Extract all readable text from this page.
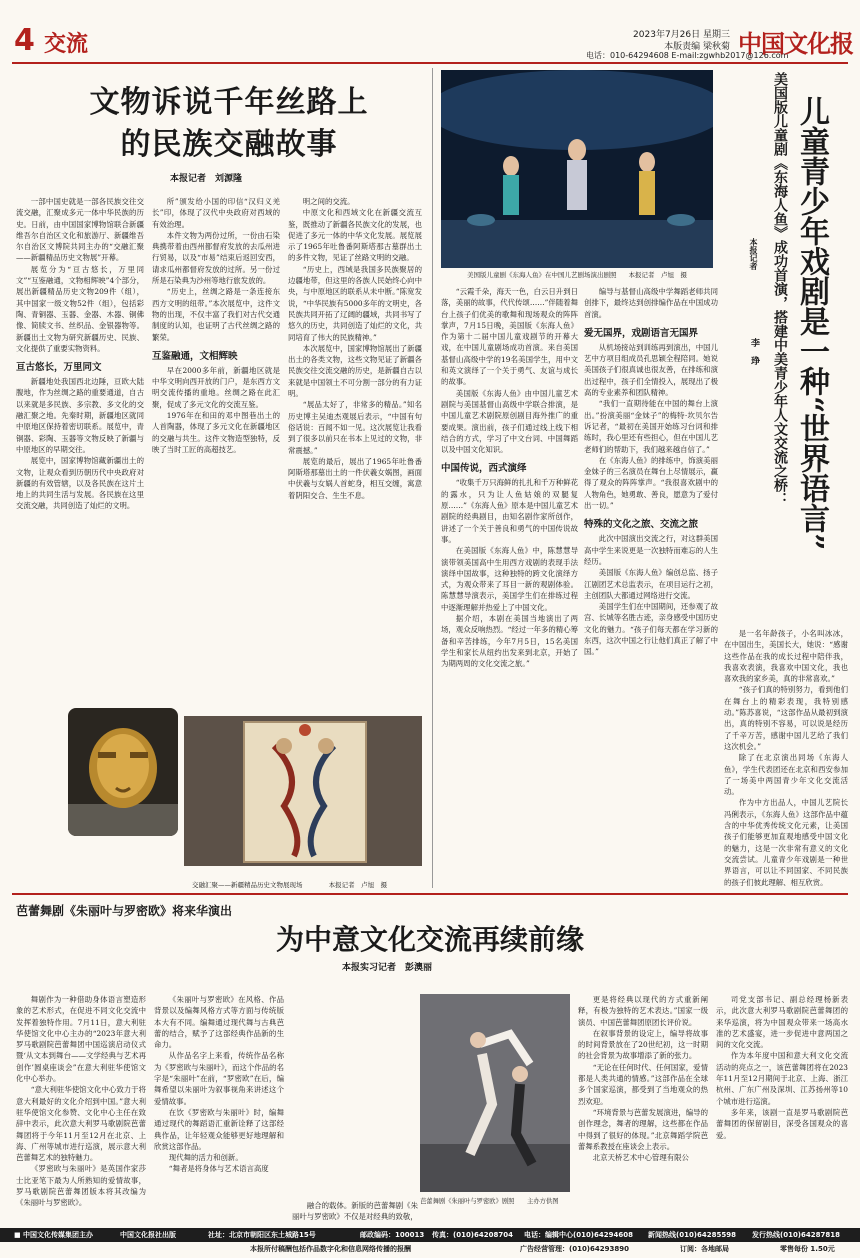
4 交流	2023年7月26日 星期三
本版责编 梁秋菊
电话：010-64294608 E-mail:zgwhb2017@126.com
中国文化报
文物诉说千年丝路上
的民族交融故事
本报记者　刘源隆

一部中国史就是一部各民族交往交流交融，汇聚成多元一体中华民族的历史。日前，由中国国家博物馆联合新疆维吾尔自治区文化和旅游厅、新疆维吾尔自治区文博院共同主办的“交融汇聚——新疆精品历史文物展”开幕。

展览分为“亘古悠长，万里同文”“互鉴融通，文物相辉映”4个部分，展出新疆精品历史文物209件（组），其中国家一级文物52件（组），包括彩陶、青铜器、玉器、金器、木器、铜佛像、简牍文书、丝织品、金银器物等。新疆出土文物为研究新疆历史、民族、文化提供了重要实物资料。

亘古悠长，万里同文

新疆地处我国西北边陲，亘欧大陆腹地，作为丝绸之路的重要通道，自古以来就是多民族、多宗教、多文化的交融汇聚之地。先秦时期，新疆地区就同中原地区保持着密切联系。展览中，青铜器、彩陶、玉器等文物反映了新疆与中原地区的早期交往。

展览中，国家博物馆藏新疆出土的文物，让观众看到历朝历代中央政府对新疆的有效管辖，以及各民族在这片土地上的共同生活与发展。各民族在这里交流交融，共同创造了灿烂的文明。

所”颁发给小国的印信“汉归义羌长”印，体现了汉代中央政府对西域的有效治理。

本件文物为两份过所，一份由石染典携带着由西州都督府发放的去瓜州进行贸易，以及“市易”结束后返回安西，请求瓜州都督府发放的过所。另一份过所是石染典为沙州等地行旅发放的。

“历史上，丝绸之路是一条连接东西方文明的纽带。”本次展览中，这件文物的出现，不仅丰富了我们对古代交通制度的认知，也证明了古代丝绸之路的繁荣。

互鉴融通，文相辉映

早在2000多年前，新疆地区就是中华文明向西开放的门户，是东西方文明交流传播的重地。丝绸之路在此汇聚，促成了多元文化的交流互鉴。

1976年在和田的邓中图巷出土的人首陶器，体现了多元文化在新疆地区的交融与共生。这件文物造型独特，反映了当时工匠的高超技艺。

明之间的交流。

中原文化和西域文化在新疆交流互鉴，既推动了新疆各民族文化的发展，也促进了多元一体的中华文化发展。展览展示了1965年吐鲁番阿斯塔那古墓群出土的多件文物，见证了丝路文明的交融。

“历史上，西域是我国多民族聚居的边疆地带，但这里的各族人民始终心向中央，与中原地区的联系从未中断。”陈宽发说，“中华民族有5000多年的文明史，各民族共同开拓了辽阔的疆域，共同书写了悠久的历史，共同创造了灿烂的文化，共同培育了伟大的民族精神。”

本次展览中，国家博物馆展出了新疆出土的各类文物，这些文物见证了新疆各民族交往交流交融的历史，是新疆自古以来就是中国领土不可分割一部分的有力证明。

“展品太好了，非常多的精品。”知名历史博主吴迪杰观展后表示，“中国有句俗话说：百闻不如一见。这次展览让我看到了很多以前只在书本上见过的文物，非常震撼。”

展览的最后，展出了1965年吐鲁番阿斯塔那墓出土的一件伏羲女娲图，画面中伏羲与女娲人首蛇身，相互交缠，寓意着阴阳交合、生生不息。

交融汇聚——新疆精品历史文物展现场	本报记者　卢旭　摄
美国版儿童剧《东海人鱼》在中国儿艺剧场演出剧照 本报记者　卢旭　摄	美国版儿童剧《东海人鱼》成功首演，搭建中美青少年人文交流之桥： 儿童青少年戏剧是一种“世界语言”
本报记者
李　琤

“云霞千朵，海天一色，白云日升到日落，美丽的故事，代代传颂……”伴随着舞台上孩子们优美的歌舞和现场观众的阵阵掌声，7月15日晚，美国版《东海人鱼》作为第十二届中国儿童戏剧节的开幕大戏，在中国儿童剧场成功首演。来自美国基督山高级中学的19名美国学生，用中文和英文演绎了一个关于勇气、友谊与成长的故事。

美国版《东海人鱼》由中国儿童艺术剧院与美国基督山高级中学联合排演，是中国儿童艺术剧院原创剧目海外推广的重要成果。演出前，孩子们通过线上线下相结合的方式，学习了中文台词、中国舞蹈以及中国文化知识。

中国传说，西式演绎

“收集千万只海鲜的扎扎和千万种鲜花的露水，只为让人鱼姑娘的双腿复原……”《东海人鱼》原本是中国儿童艺术剧院的经典剧目，由知名剧作家所创作，讲述了一个关于善良和勇气的中国传说故事。

在美国版《东海人鱼》中，陈慧慧导演带领美国高中生用西方戏剧的表现手法演绎中国故事，这种独特的跨文化演绎方式，为观众带来了耳目一新的观剧体验。陈慧慧导演表示，美国学生们在排练过程中逐渐理解并热爱上了中国文化。

据介绍，本剧在美国当地演出了两场，观众反响热烈。“经过一年多的精心筹备和辛苦排练，今年7月5日，15名美国学生和家长从纽约出发来到北京，开始了为期两周的文化交流之旅。”

编导与基督山高级中学舞蹈老师共同创排下，最终达到创排编作品在中国成功首演。

爱无国界，戏剧语言无国界

从机场接站到训练再到演出，中国儿艺中方项目组成员孔思颖全程陪同。她说美国孩子们很真诚也很友善，在排练和演出过程中，孩子们全情投入，展现出了极高的专业素养和团队精神。

“我们一直期待能在中国的舞台上演出。”扮演美丽“金妹子”的梅特·坎贝尔告诉记者，“最初在美国开始练习台词和排练时，我心里还有些担心，但在中国儿艺老师们的帮助下，我们越来越自信了。”

在《东海人鱼》的排练中，饰演美丽金妹子的三名演员在舞台上尽情展示，赢得了观众的阵阵掌声。“我很喜欢剧中的人物角色，她勇敢、善良，愿意为了爱付出一切。”

特殊的文化之旅、交流之旅

此次中国演出交流之行，对这群美国高中学生来说更是一次独特而难忘的人生经历。

美国版《东海人鱼》编创总监、扬子江剧团艺术总监表示，在项目运行之初，主创团队大都通过网络进行交流。

美国学生们在中国期间，还参观了故宫、长城等名胜古迹，亲身感受中国历史文化的魅力。“孩子们每天都在学习新的东西，这次中国之行让他们真正了解了中国。”

是一名年龄孩子，小名叫冰冰，在中国出生，美国长大，她说：“感谢这些作品在我的成长过程中陪伴我，我喜欢表演，我喜欢中国文化，我也喜欢我的家乡美，真的非常喜欢。”

“孩子们真的特别努力，看到他们在舞台上的精彩表现，我特别感动。”陈苏喜说，“这部作品从最初到演出，真的特别不容易，可以说是经历了千辛万苦，感谢中国儿艺给了我们这次机会。”

除了在北京演出同场《东海人鱼》，学生代表团还在北京和西安参加了一场美中两国青少年文化交流活动。

作为中方出品人，中国儿艺院长冯俐表示，《东海人鱼》这部作品中蕴含的中华优秀传统文化元素，让美国孩子们能够更加直观地感受中国文化的魅力，这是一次非常有意义的文化交流尝试。儿童青少年戏剧是一种世界语言，可以让不同国家、不同民族的孩子们彼此理解、相互欣赏。

芭蕾舞剧《朱丽叶与罗密欧》将来华演出
为中意文化交流再续前缘
本报实习记者　彭澳丽

舞剧作为一种借助身体语言塑造形象的艺术形式，在促进不同文化交流中发挥着独特作用。7月11日，意大利驻华使馆文化中心主办的“2023年意大利罗马歌剧院芭蕾舞团中国巡演启动仪式暨‘从文本到舞台——文学经典与艺术再创作’圆桌座谈会”在意大利驻华使馆文化中心举办。

“意大利驻华使馆文化中心致力于将意大利最好的文化介绍到中国。”意大利驻华使馆文化参赞、文化中心主任在致辞中表示，此次意大利罗马歌剧院芭蕾舞团将于今年11月至12月在北京、上海、广州等城市进行巡演，展示意大利芭蕾舞艺术的独特魅力。

《罗密欧与朱丽叶》是英国作家莎士比亚笔下最为人所熟知的爱情故事，罗马歌剧院芭蕾舞团版本将其改编为《朱丽叶与罗密欧》。

《朱丽叶与罗密欧》在风格、作品背景以及编舞风格方式等方面与传统版本大有不同。编舞通过现代舞与古典芭蕾的结合，赋予了这部经典作品新的生命力。

从作品名字上来看，传统作品名称为《罗密欧与朱丽叶》，而这个作品的名字是“朱丽叶”在前，“罗密欧”在后，编舞希望以朱丽叶为叙事视角来讲述这个爱情故事。

在饮《罗密欧与朱丽叶》时，编舞通过现代的舞蹈语汇重新诠释了这部经典作品，让年轻观众能够更好地理解和欣赏这部作品。

现代舞的活力和创新。

“舞者是将身体与艺术语言高度

融合的载体。新版的芭蕾舞剧《朱丽叶与罗密欧》不仅是对经典的致敬，

芭蕾舞剧《朱丽叶与罗密欧》剧照　　主办方供图

更是将经典以现代的方式重新阐释，有极为独特的艺术表达。”国家一级演员、中国芭蕾舞团原团长评价说。

在叙事背景的设定上，编导将故事的时间背景放在了20世纪初，这一时期的社会背景为故事增添了新的张力。

“无论在任何时代、任何国家，爱情都是人类共通的情感。”这部作品在全球多个国家巡演，都受到了当地观众的热烈欢迎。

“环境背景与芭蕾发展演进，编导的创作理念，舞者的理解，这些都在作品中得到了很好的体现。”北京舞蹈学院芭蕾舞系教授在座谈会上表示。

北京天桥艺术中心管理有限公

司党支部书记、副总经理杨新表示，此次意大利罗马歌剧院芭蕾舞团的来华巡演，将为中国观众带来一场高水准的艺术盛宴，进一步促进中意两国之间的文化交流。

作为本年度中国和意大利文化交流活动的亮点之一，该芭蕾舞团将在2023年11月至12月期间于北京、上海、浙江杭州、广东广州及深圳、江苏扬州等10个城市进行巡演。

多年来，该剧一直是罗马歌剧院芭蕾舞团的保留剧目，深受各国观众的喜爱。

■ 中国文化传媒集团主办	中国文化报社出版	社址：北京市朝阳区东土城路15号	邮政编码：100013 传真：(010)64208704 电话：编辑中心(010)64294608 新闻热线(010)64285598 发行热线(010)64287818
本报所付稿酬包括作品数字化和信息网络传播的报酬	广告经营管理：(010)64293890	订阅：各地邮局	零售每份 1.50元
